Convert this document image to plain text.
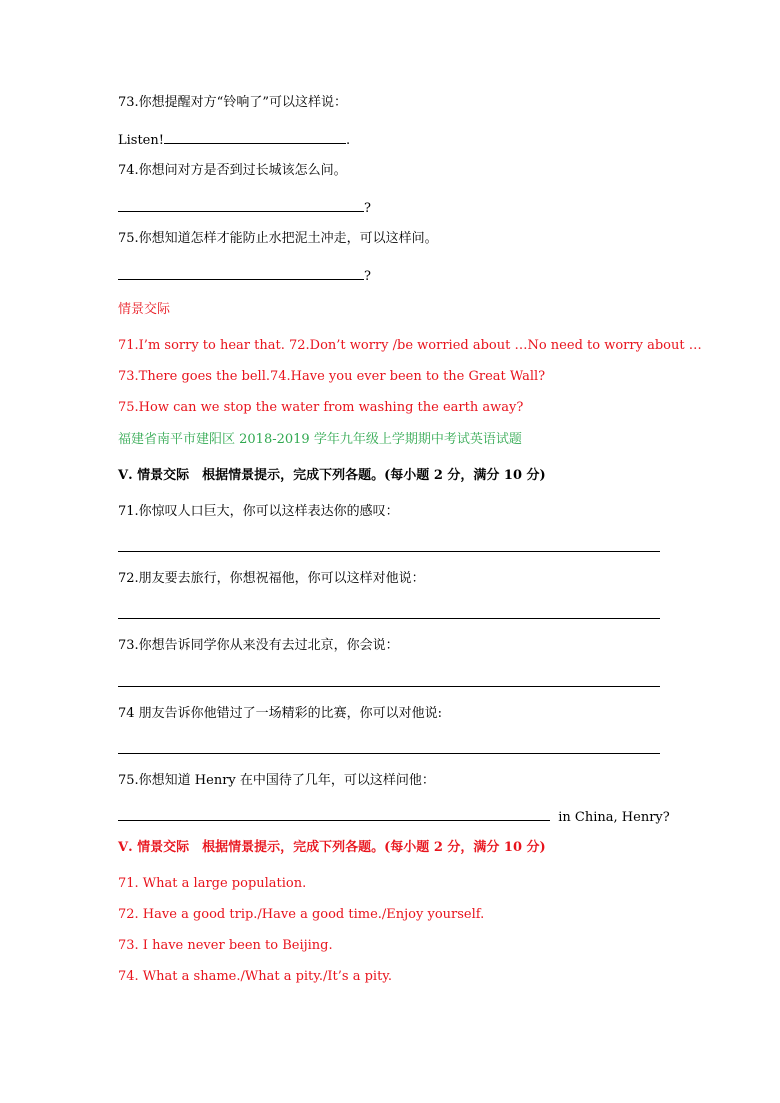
73.你想提醒对方“铃响了”可以这样说：
Listen!	.
74.你想问对方是否到过长城该怎么问。
?
75.你想知道怎样才能防止水把泥土冲走，可以这样问。
?
情景交际
71.I’m sorry to hear that. 72.Don’t worry /be worried about …No need to worry about …
73.There goes the bell.74.Have you ever been to the Great Wall?
75.How can we stop the water from washing the earth away?
福建省南平市建阳区 2018-2019 学年九年级上学期期中考试英语试题
Ⅴ. 情景交际　根据情景提示，完成下列各题。(每小题 2 分，满分 10 分)
71.你惊叹人口巨大，你可以这样表达你的感叹：
72.朋友要去旅行，你想祝福他，你可以这样对他说：
73.你想告诉同学你从来没有去过北京，你会说：
74 朋友告诉你他错过了一场精彩的比赛，你可以对他说:
75.你想知道 Henry 在中国待了几年，可以这样问他：
in China, Henry?
Ⅴ. 情景交际　根据情景提示，完成下列各题。(每小题 2 分，满分 10 分)
71. What a large population.
72. Have a good trip./Have a good time./Enjoy yourself.
73. I have never been to Beijing.
74. What a shame./What a pity./It’s a pity.
